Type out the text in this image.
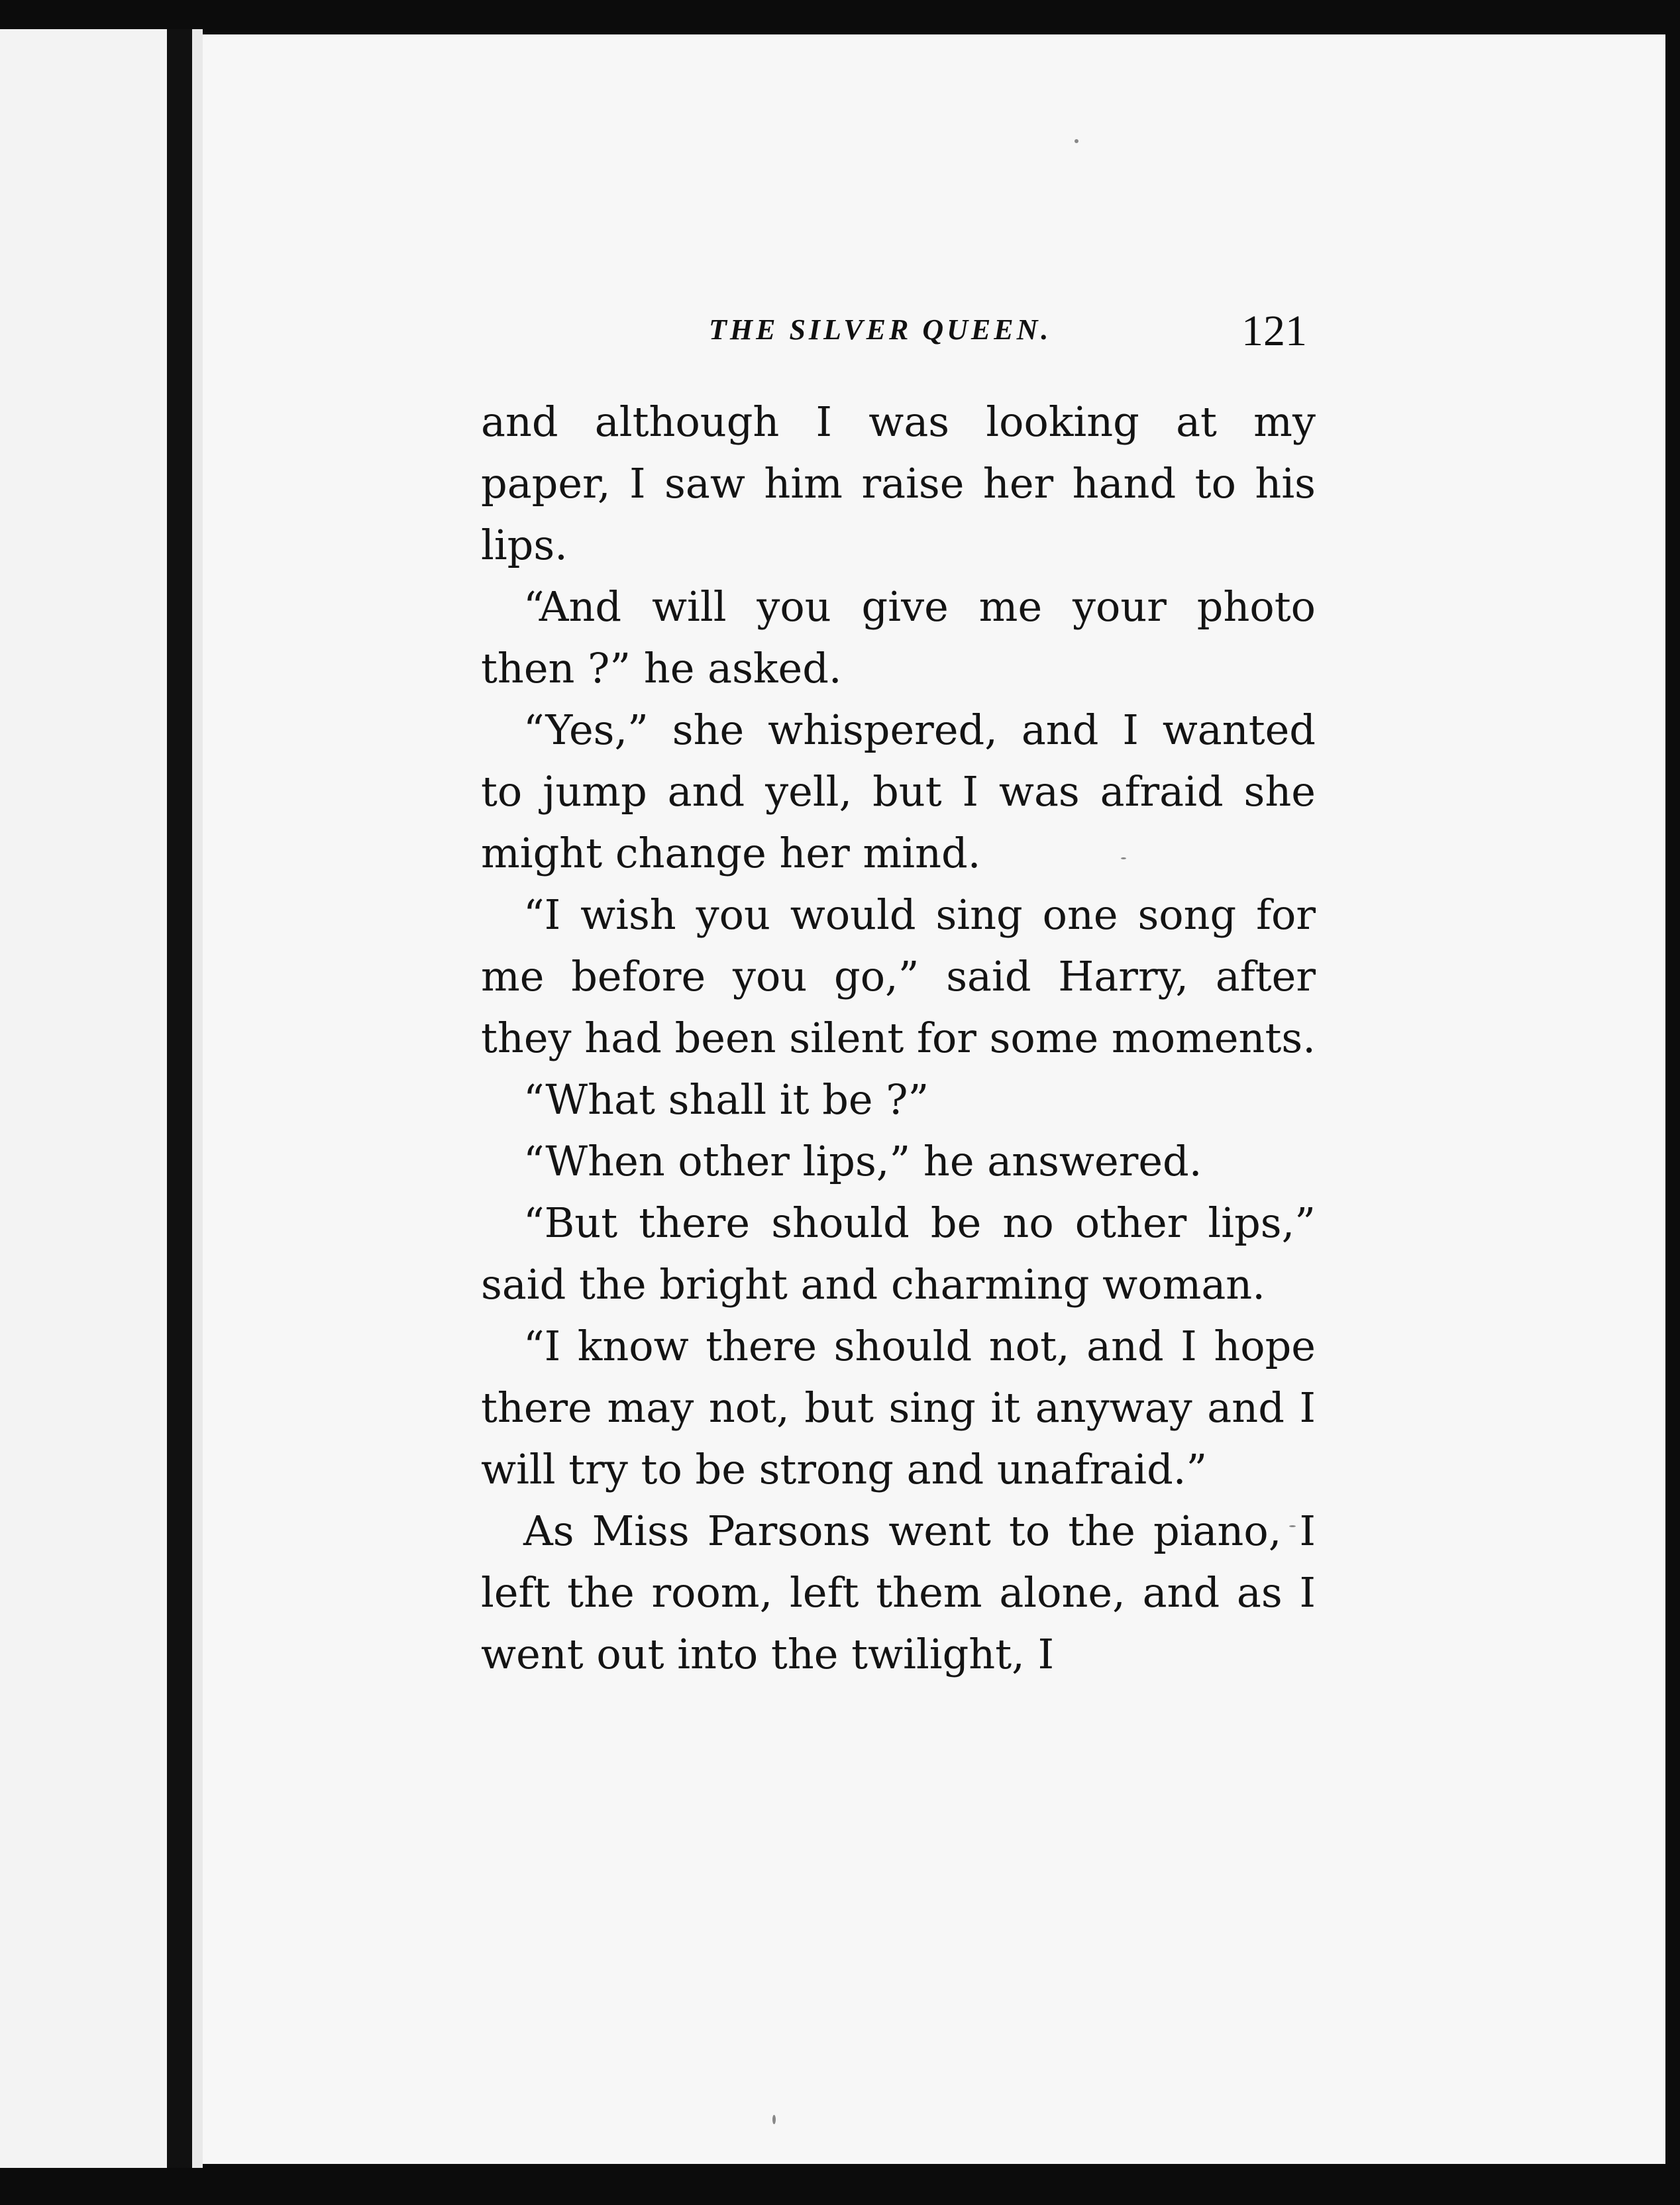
THE SILVER QUEEN.	121

and although I was looking at my paper, I saw him raise her hand to his lips.

“And will you give me your photo then ?” he asked.

“Yes,” she whispered, and I wanted to jump and yell, but I was afraid she might change her mind.

“I wish you would sing one song for me before you go,” said Harry, after they had been silent for some moments.

“What shall it be ?”

“When other lips,” he answered.

“But there should be no other lips,” said the bright and charming woman.

“I know there should not, and I hope there may not, but sing it anyway and I will try to be strong and unafraid.”

As Miss Parsons went to the piano, I left the room, left them alone, and as I went out into the twilight, I
